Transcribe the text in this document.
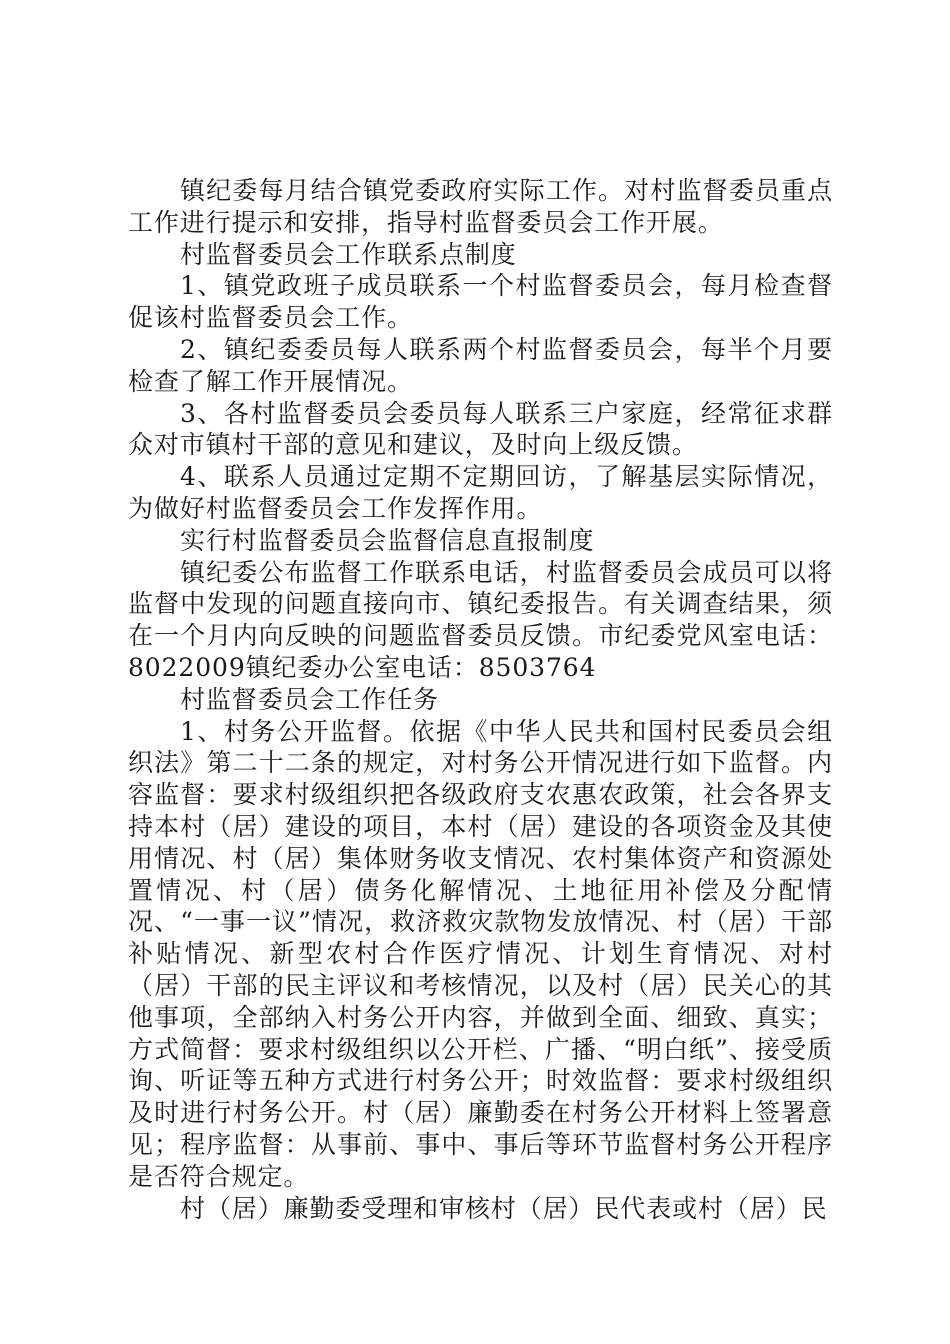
镇纪委每月结合镇党委政府实际工作。对村监督委员重点工作进行提示和安排，指导村监督委员会工作开展。

村监督委员会工作联系点制度

1、镇党政班子成员联系一个村监督委员会，每月检查督促该村监督委员会工作。

2、镇纪委委员每人联系两个村监督委员会，每半个月要检查了解工作开展情况。

3、各村监督委员会委员每人联系三户家庭，经常征求群众对市镇村干部的意见和建议，及时向上级反馈。

4、联系人员通过定期不定期回访，了解基层实际情况，为做好村监督委员会工作发挥作用。

实行村监督委员会监督信息直报制度

镇纪委公布监督工作联系电话，村监督委员会成员可以将监督中发现的问题直接向市、镇纪委报告。有关调查结果，须在一个月内向反映的问题监督委员反馈。市纪委党风室电话：8022009镇纪委办公室电话：8503764

村监督委员会工作任务

1、村务公开监督。依据《中华人民共和国村民委员会组织法》第二十二条的规定，对村务公开情况进行如下监督。内容监督：要求村级组织把各级政府支农惠农政策，社会各界支持本村（居）建设的项目，本村（居）建设的各项资金及其使用情况、村（居）集体财务收支情况、农村集体资产和资源处置情况、村（居）债务化解情况、土地征用补偿及分配情况、“一事一议”情况，救济救灾款物发放情况、村（居）干部补贴情况、新型农村合作医疗情况、计划生育情况、对村（居）干部的民主评议和考核情况，以及村（居）民关心的其他事项，全部纳入村务公开内容，并做到全面、细致、真实；方式简督：要求村级组织以公开栏、广播、“明白纸”、接受质询、听证等五种方式进行村务公开；时效监督：要求村级组织及时进行村务公开。村（居）廉勤委在村务公开材料上签署意见；程序监督：从事前、事中、事后等环节监督村务公开程序是否符合规定。

村（居）廉勤委受理和审核村（居）民代表或村（居）民
